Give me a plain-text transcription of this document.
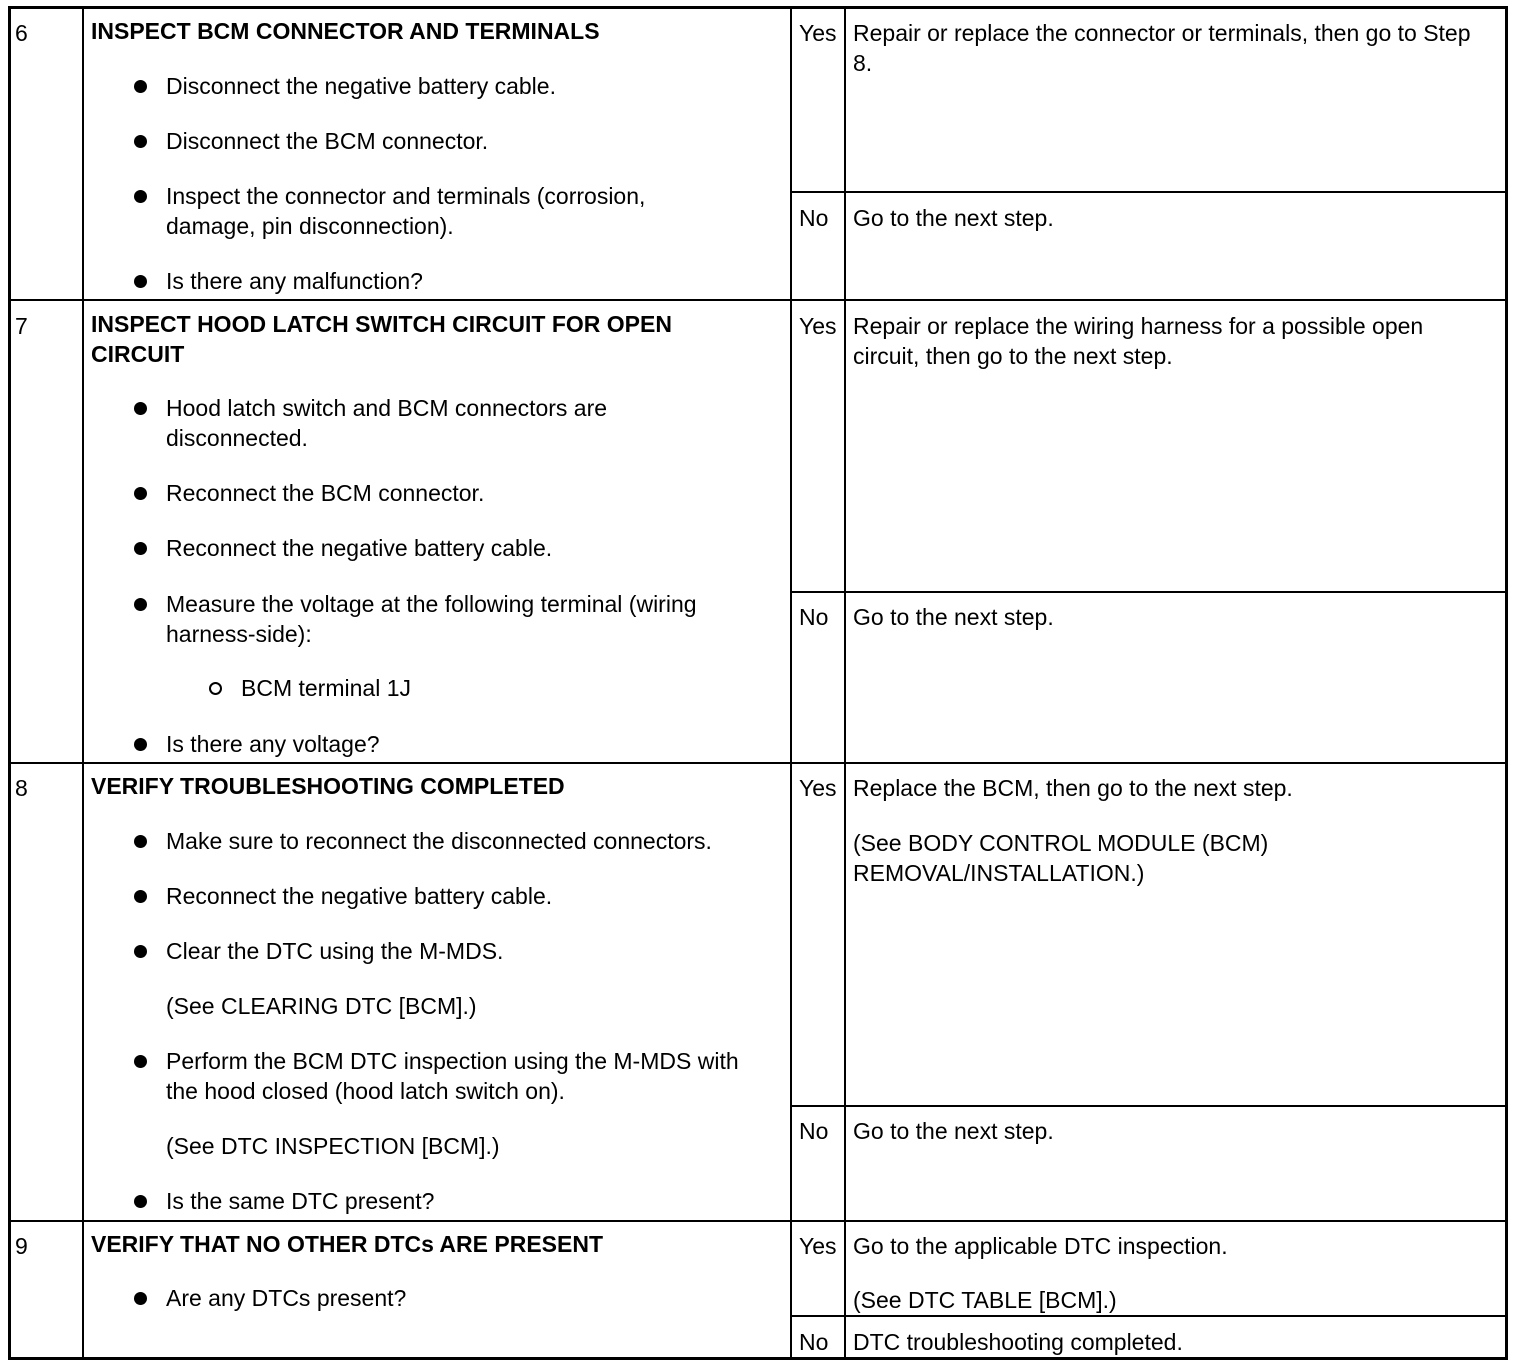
6	INSPECT BCM CONNECTOR AND TERMINALS
Disconnect the negative battery cable.
Disconnect the BCM connector.
Inspect the connector and terminals (corrosion, damage, pin disconnection).
Is there any malfunction?
Yes Repair or replace the connector or terminals, then go to Step 8.
No Go to the next step.
7	INSPECT HOOD LATCH SWITCH CIRCUIT FOR OPEN CIRCUIT
Hood latch switch and BCM connectors are disconnected.
Reconnect the BCM connector.
Reconnect the negative battery cable.
Measure the voltage at the following terminal (wiring harness-side):
BCM terminal 1J
Is there any voltage?
Yes Repair or replace the wiring harness for a possible open circuit, then go to the next step.
No Go to the next step.
8	VERIFY TROUBLESHOOTING COMPLETED
Make sure to reconnect the disconnected connectors.
Reconnect the negative battery cable.
Clear the DTC using the M-MDS.
(See CLEARING DTC [BCM].)
Perform the BCM DTC inspection using the M-MDS with the hood closed (hood latch switch on).
(See DTC INSPECTION [BCM].)
Is the same DTC present?
Yes Replace the BCM, then go to the next step.
(See BODY CONTROL MODULE (BCM) REMOVAL/INSTALLATION.)
No Go to the next step.
9	VERIFY THAT NO OTHER DTCs ARE PRESENT
Are any DTCs present?
Yes Go to the applicable DTC inspection.
(See DTC TABLE [BCM].)
No DTC troubleshooting completed.
